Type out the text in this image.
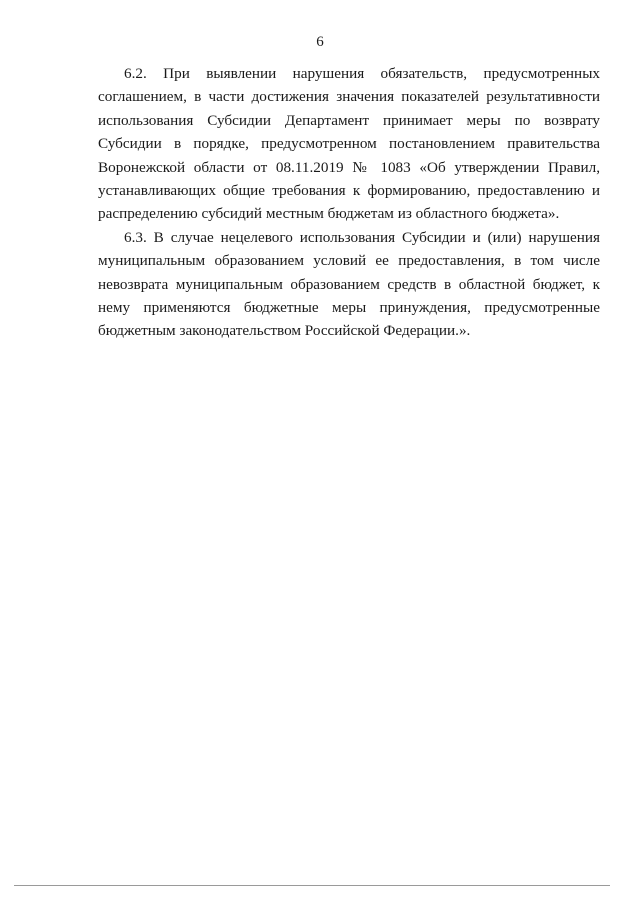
6

6.2. При выявлении нарушения обязательств, предусмотренных соглашением, в части достижения значения показателей результативности использования Субсидии Департамент принимает меры по возврату Субсидии в порядке, предусмотренном постановлением правительства Воронежской области от 08.11.2019 № 1083 «Об утверждении Правил, устанавливающих общие требования к формированию, предоставлению и распределению субсидий местным бюджетам из областного бюджета».

6.3. В случае нецелевого использования Субсидии и (или) нарушения муниципальным образованием условий ее предоставления, в том числе невозврата муниципальным образованием средств в областной бюджет, к нему применяются бюджетные меры принуждения, предусмотренные бюджетным законодательством Российской Федерации.».
